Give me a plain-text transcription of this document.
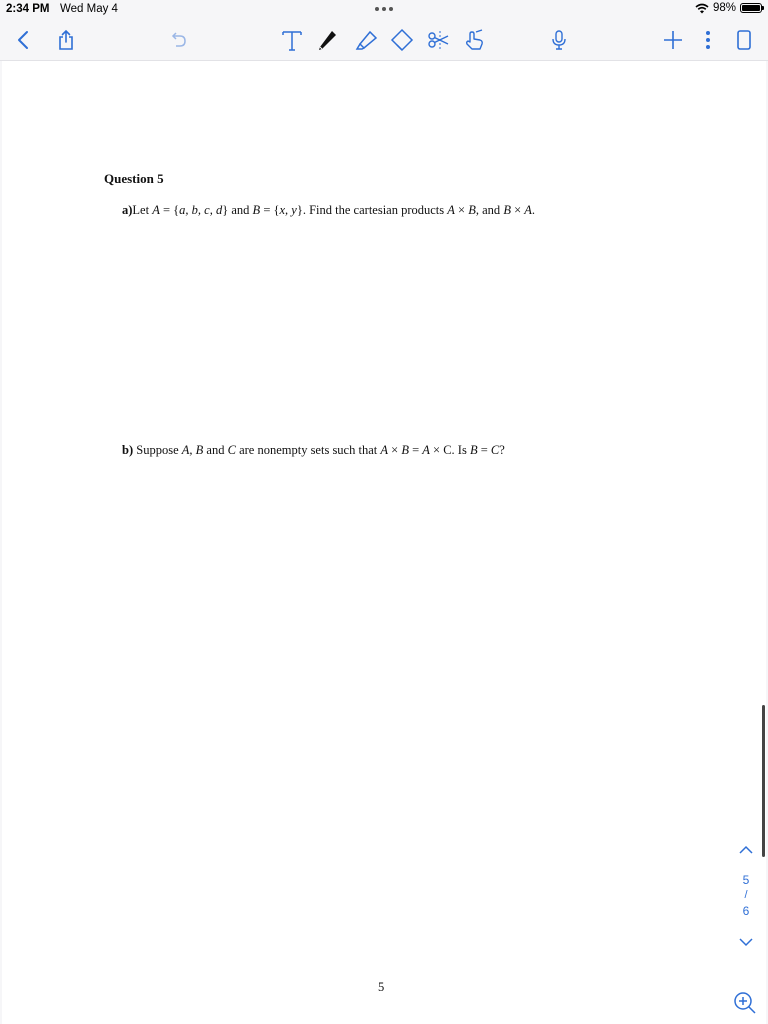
2:34 PM Wed May 4	98%
Question 5
a)Let A = {a, b, c, d} and B = {x, y}. Find the cartesian products A × B, and B × A.
b) Suppose A, B and C are nonempty sets such that A × B = A × C. Is B = C?
5
5
/
6
